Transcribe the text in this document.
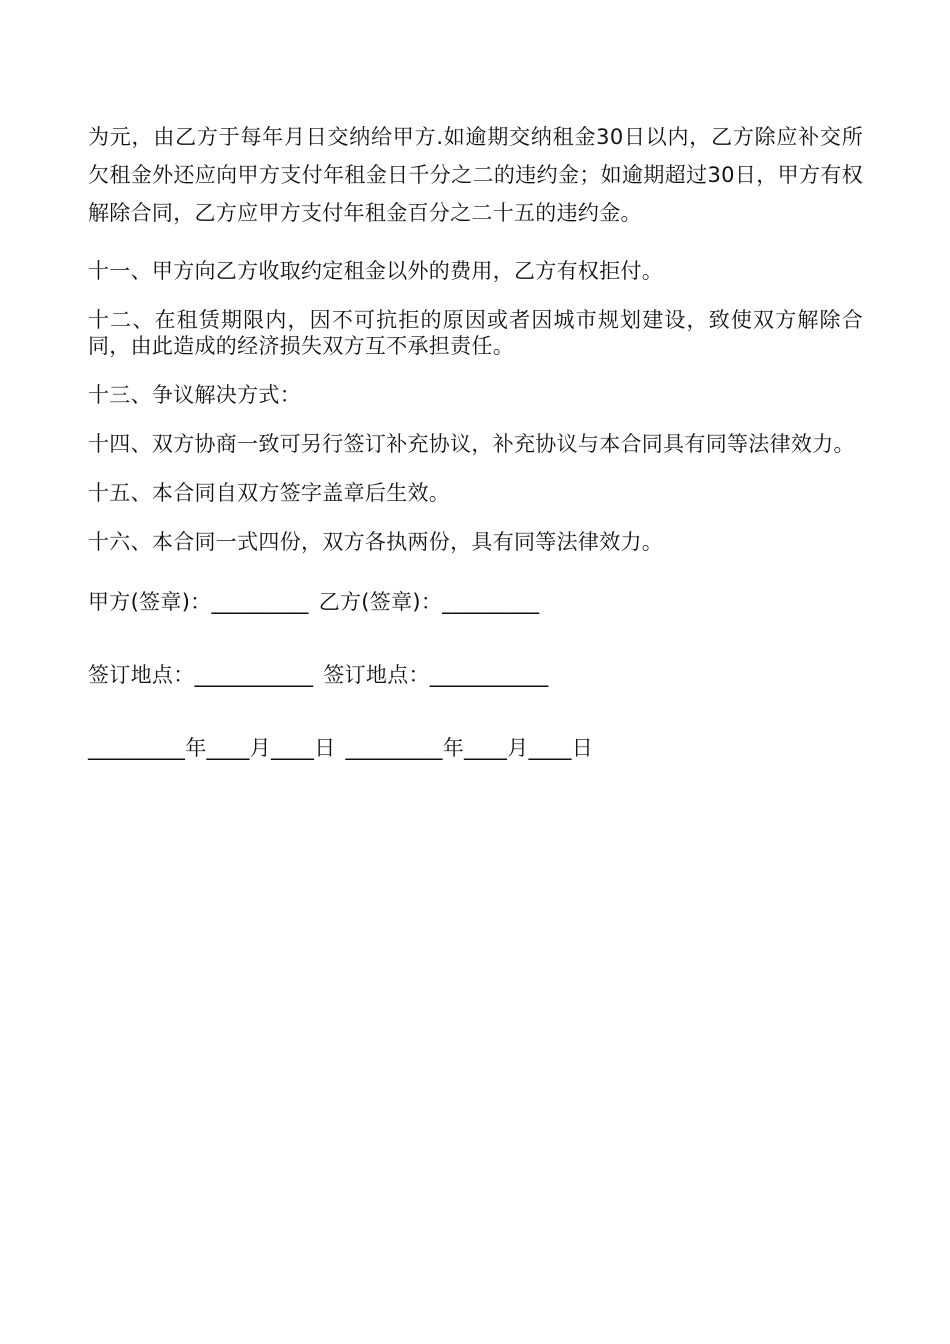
为元，由乙方于每年月日交纳给甲方.如逾期交纳租金30日以内，乙方除应补交所欠租金外还应向甲方支付年租金日千分之二的违约金；如逾期超过30日，甲方有权解除合同，乙方应甲方支付年租金百分之二十五的违约金。

十一、甲方向乙方收取约定租金以外的费用，乙方有权拒付。

十二、在租赁期限内，因不可抗拒的原因或者因城市规划建设，致使双方解除合同，由此造成的经济损失双方互不承担责任。

十三、争议解决方式：

十四、双方协商一致可另行签订补充协议，补充协议与本合同具有同等法律效力。

十五、本合同自双方签字盖章后生效。

十六、本合同一式四份，双方各执两份，具有同等法律效力。

甲方(签章)：_________ 乙方(签章)：_________

签订地点：___________ 签订地点：___________

_________年____月____日 _________年____月____日
